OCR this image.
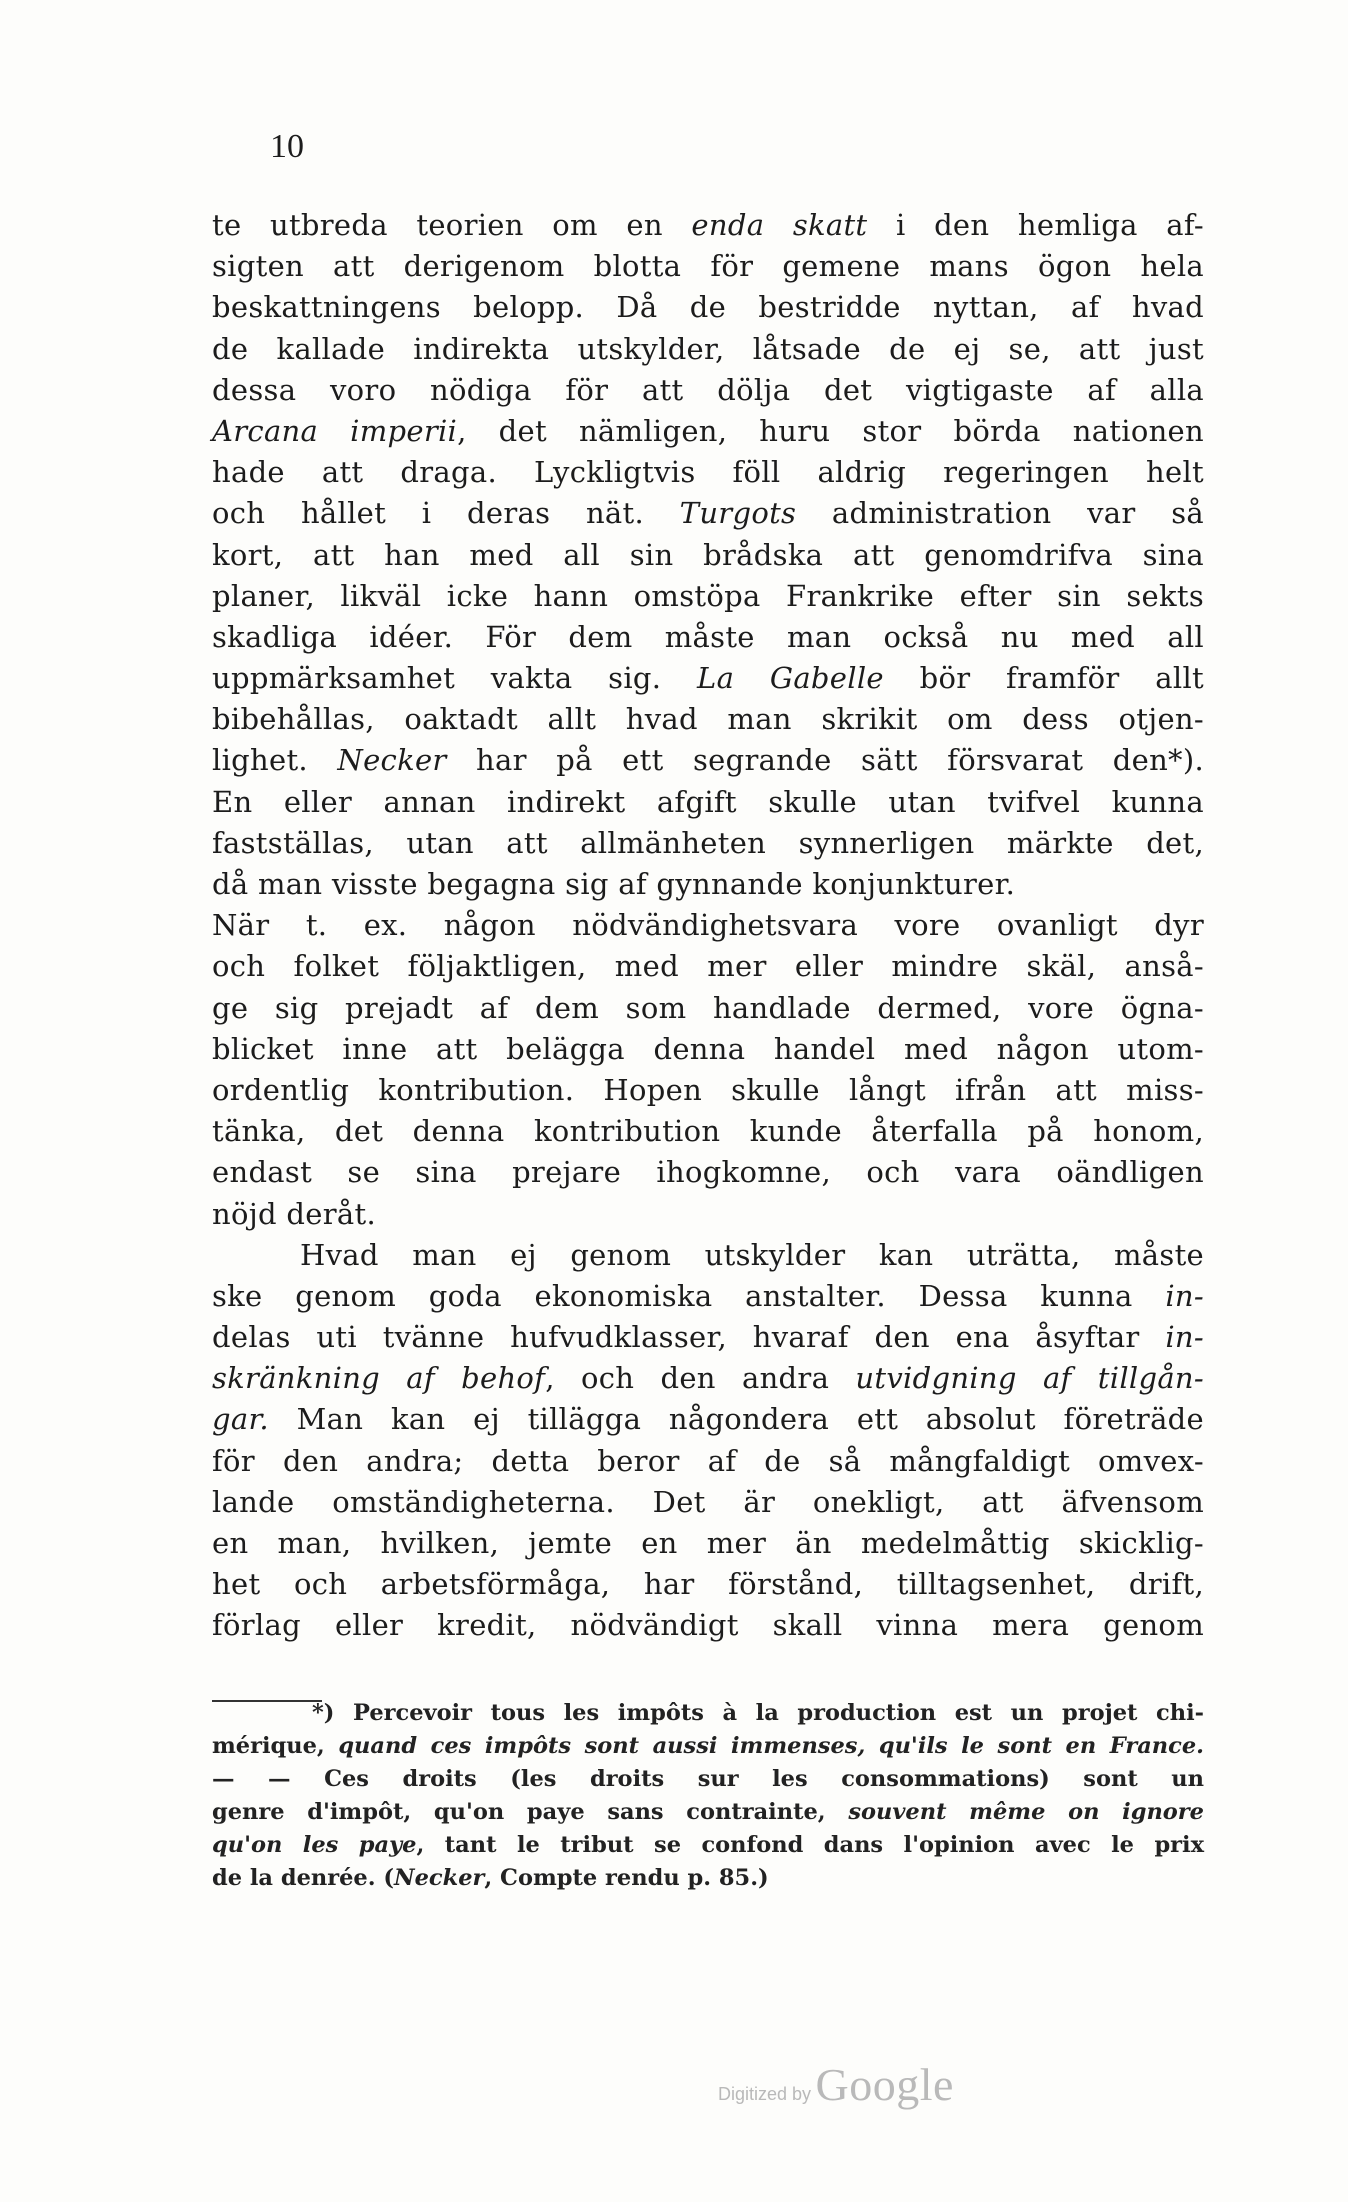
10
te utbreda teorien om en enda skatt i den hemliga af-
sigten att derigenom blotta för gemene mans ögon hela
beskattningens belopp. Då de bestridde nyttan, af hvad
de kallade indirekta utskylder, låtsade de ej se, att just
dessa voro nödiga för att dölja det vigtigaste af alla
Arcana imperii, det nämligen, huru stor börda nationen
hade att draga. Lyckligtvis föll aldrig regeringen helt
och hållet i deras nät. Turgots administration var så
kort, att han med all sin brådska att genomdrifva sina
planer, likväl icke hann omstöpa Frankrike efter sin sekts
skadliga idéer. För dem måste man också nu med all
uppmärksamhet vakta sig. La Gabelle bör framför allt
bibehållas, oaktadt allt hvad man skrikit om dess otjen-
lighet. Necker har på ett segrande sätt försvarat den*).
En eller annan indirekt afgift skulle utan tvifvel kunna
fastställas, utan att allmänheten synnerligen märkte det,
då man visste begagna sig af gynnande konjunkturer.
När t. ex. någon nödvändighetsvara vore ovanligt dyr
och folket följaktligen, med mer eller mindre skäl, anså-
ge sig prejadt af dem som handlade dermed, vore ögna-
blicket inne att belägga denna handel med någon utom-
ordentlig kontribution. Hopen skulle långt ifrån att miss-
tänka, det denna kontribution kunde återfalla på honom,
endast se sina prejare ihogkomne, och vara oändligen
nöjd deråt.
Hvad man ej genom utskylder kan uträtta, måste
ske genom goda ekonomiska anstalter. Dessa kunna in-
delas uti tvänne hufvudklasser, hvaraf den ena åsyftar in-
skränkning af behof, och den andra utvidgning af tillgån-
gar. Man kan ej tillägga någondera ett absolut företräde
för den andra; detta beror af de så mångfaldigt omvex-
lande omständigheterna. Det är onekligt, att äfvensom
en man, hvilken, jemte en mer än medelmåttig skicklig-
het och arbetsförmåga, har förstånd, tilltagsenhet, drift,
förlag eller kredit, nödvändigt skall vinna mera genom
*) Percevoir tous les impôts à la production est un projet chi-
mérique, quand ces impôts sont aussi immenses, qu'ils le sont en France.
— — Ces droits (les droits sur les consommations) sont un
genre d'impôt, qu'on paye sans contrainte, souvent même on ignore
qu'on les paye, tant le tribut se confond dans l'opinion avec le prix
de la denrée. (Necker, Compte rendu p. 85.)
Digitized by Google
